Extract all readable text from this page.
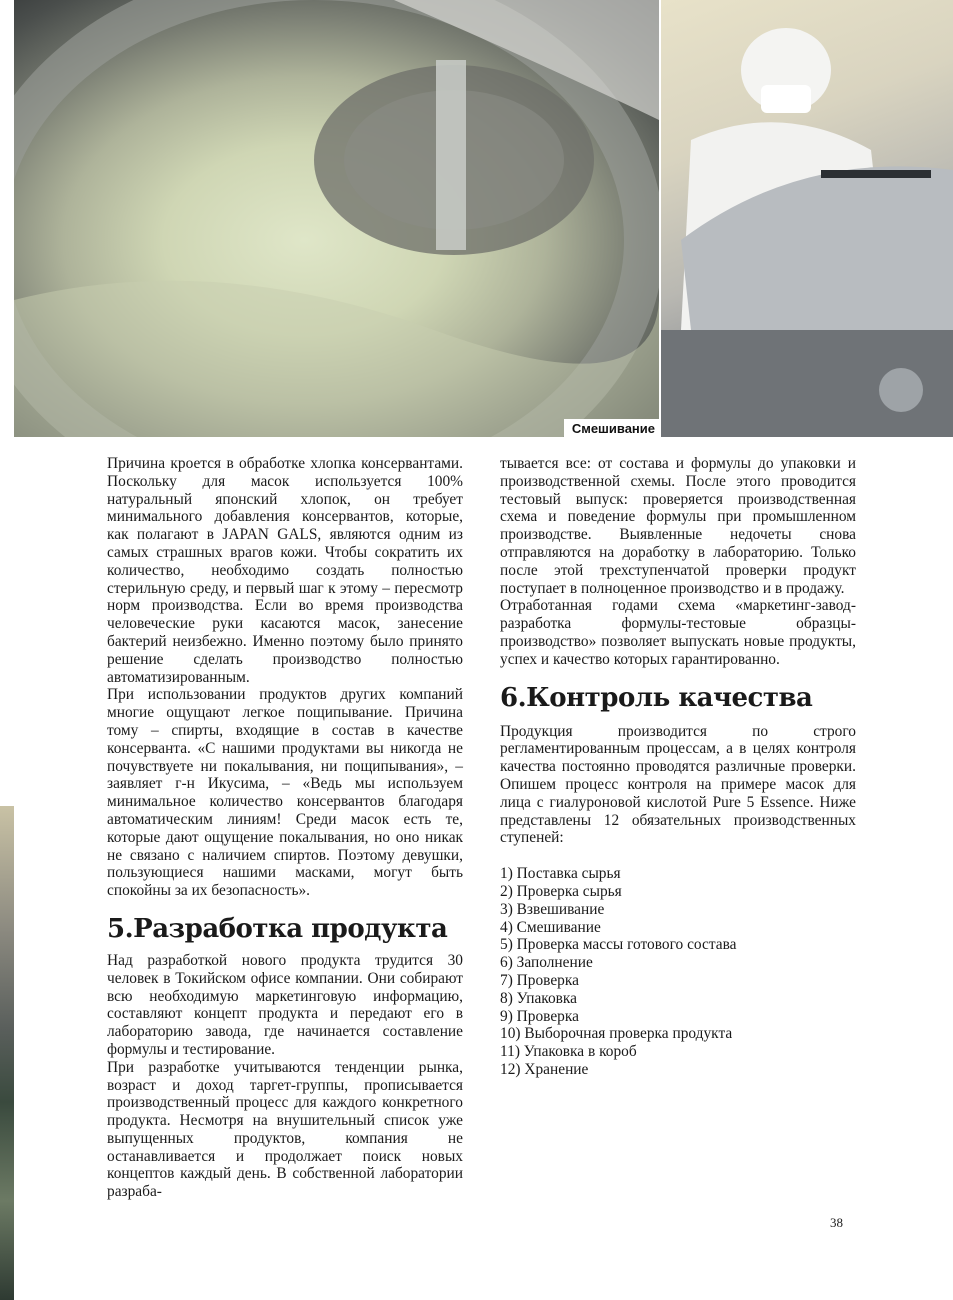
Смешивание

Причина кроется в обработке хлопка консервантами. Поскольку для масок используется 100% натуральный японский хлопок, он требует минимального добавления консервантов, которые, как полагают в JAPAN GALS, являются одним из самых страшных врагов кожи. Чтобы сократить их количество, необходимо создать полностью стерильную среду, и первый шаг к этому – пересмотр норм производства. Если во время производства человеческие руки касаются масок, занесение бактерий неизбежно. Именно поэтому было принято решение сделать производство полностью автоматизированным.

При использовании продуктов других компаний многие ощущают легкое пощипывание. Причина тому – спирты, входящие в состав в качестве консерванта. «С нашими продуктами вы никогда не почувствуете ни покалывания, ни пощипывания», –заявляет г-н Икусима, – «Ведь мы используем минимальное количество консервантов благодаря автоматическим линиям! Среди масок есть те, которые дают ощущение покалывания, но оно никак не связано с наличием спиртов. Поэтому девушки, пользующиеся нашими масками, могут быть спокойны за их безопасность».

5.Разработка продукта

Над разработкой нового продукта трудится 30 человек в Токийском офисе компании. Они собирают всю необходимую маркетинговую информацию, составляют концепт продукта и передают его в лабораторию завода, где начинается составление формулы и тестирование.

При разработке учитываются тенденции рынка, возраст и доход таргет-группы, прописывается производственный процесс для каждого конкретного продукта. Несмотря на внушительный список уже выпущенных продуктов, компания не останавливается и продолжает поиск новых концептов каждый день. В собственной лаборатории разраба-

тывается все: от состава и формулы до упаковки и производственной схемы. После этого проводится тестовый выпуск: проверяется производственная схема и поведение формулы при промышленном производстве. Выявленные недочеты снова отправляются на доработку в лабораторию. Только после этой трехступенчатой проверки продукт поступает в полноценное производство и в продажу.

Отработанная годами схема «маркетинг-завод-разработка формулы-тестовые образцы-производство» позволяет выпускать новые продукты, успех и качество которых гарантированно.

6.Контроль качества

Продукция производится по строго регламентированным процессам, а в целях контроля качества постоянно проводятся различные проверки. Опишем процесс контроля на примере масок для лица с гиалуроновой кислотой Pure 5 Essence. Ниже представлены 12 обязательных производственных ступеней:

1) Поставка сырья
2) Проверка сырья
3) Взвешивание
4) Смешивание
5) Проверка массы готового состава
6) Заполнение
7) Проверка
8) Упаковка
9) Проверка
10) Выборочная проверка продукта
11) Упаковка в короб
12) Хранение
38
